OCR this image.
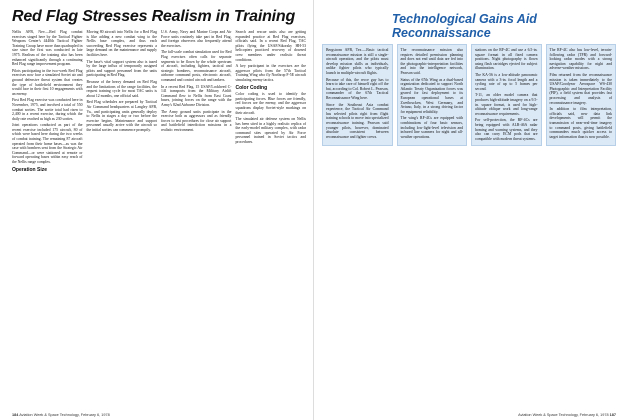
Red Flag Stresses Realism in Training

Nellis AFB, Nev.—Red Flag combat exercises staged here by the Tactical Fighter Weapons Center's 4440th Tactical Fighter Training Group have more than quadrupled in size since the first was conducted in late 1975. Realism of the training also has been enhanced significantly through a continuing Red Flag range improvement program.

Pilots participating in the two-week Red Flag exercises now face a simulated Soviet air and ground defensive threat system that creates the type of battlefield environment they would face in their first 10 engagements with an enemy.

First Red Flag exercise was conducted here in November, 1975, and involved a total of 550 combat sorties. The sortie total had risen to 2,400 in a recent exercise, during which the daily rate reached as high as 230 sorties.

Joint operations conducted as part of the recent exercise included 175 aircraft, 80 of which were based here during the two weeks of combat training. The remaining 87 aircraft operated from their home bases—as was the case with bombers sent from the Strategic Air Command—or were stationed at remote or forward operating bases within easy reach of the Nellis range complex.

Operation Size

Moving 80 aircraft into Nellis for a Red Flag is like adding a new combat wing to the Nellis base complex, and thus each succeeding Red Flag exercise represents a large demand on the maintenance and supply facilities here.

The base's vital support system also is taxed by the large influx of temporarily assigned pilots and support personnel from the units participating in Red Flag.

Because of the heavy demand on Red Flag and the limitations of the range facilities, the request training cycle for most TAC units is about 12 months, one official said.

Red Flag schedules are prepared by Tactical Air Command headquarters at Langley AFB, Va., and participating units generally deploy to Nellis in stages a day or two before the exercise begins. Maintenance and support personnel usually arrive with the aircraft so the initial sorties can commence promptly.

U.S. Army, Navy and Marine Corps and Air Force units routinely take part in Red Flag, and foreign observers also frequently attend the exercises.

The fall-scale combat simulation used for Red Flag exercises often calls for separate segments to be flown by the whole spectrum of aircraft, including fighters, tactical and strategic bombers, reconnaissance aircraft, airborne command posts, electronic aircraft, command and control aircraft and tankers.

In a recent Red Flag, 15 USAF/Lockheed C-141 transports from the Military Airlift Command flew to Nellis from East Coast bases, joining forces on the range with the Army's 82nd Airborne Division.

The Army ground units participate in the exercise both as aggressors and as friendly forces to test procedures for close air support and battlefield interdiction missions in a realistic environment.

Search and rescue units also are getting expanded practice at Red Flag exercises, officials said. In a recent Red Flag, TAC pilots flying the USAF/Sikorsky HH-53 helicopters practiced recovery of downed crew members under realistic threat conditions.

A key participant in the exercises are the aggressor pilots from the 57th Tactical Training Wing who fly Northrop F-5E aircraft simulating enemy tactics.

Color Coding

Color coding is used to identify the participating forces. Blue forces are friendly, red forces are the enemy, and the aggressor squadrons display Soviet-style markings on their aircraft.

The simulated air defense system on Nellis has been sited in a highly realistic replica of the early-model military complex, with radar command sites operated by Air Force personnel trained in Soviet tactics and procedures.

184 Aviation Week & Space Technology, February 6, 1978
Technological Gains Aid Reconnaissance

Bergstrom AFB, Tex.—Basic tactical reconnaissance mission is still a single-aircraft operation, and the pilots must develop mission skills as individuals, unlike fighter pilots who typically launch in multiple-aircraft flights.

Because of this, the recce guy has to learn to take care of himself right off the bat, according to Col. Robert L. Pearson, commander of the 67th Tactical Reconnaissance Wing here.

Since the Southeast Asia combat experience, the Tactical Air Command has selected pilots right from flight training schools to move into specialized reconnaissance training. Pearson said younger pilots, however, dominated absolute consistent between reconnaissance and fighter crews.

The reconnaissance mission also requires detailed premission planning and does not end until data are fed into the photographic-interpretation facilities and into the intelligence network, Pearson said.

Status of the 67th Wing as a dual-based organization dedicated to support North Atlantic Treaty Organization forces was geared for fast deployment to its European operational bases at Zweibrucken, West Germany, and Aviano, Italy, in a strong driving factor for equipment reliability.

The wing's RF-4Cs are equipped with combinations of four basic sensors, including low-light-level television and infrared line scanners for night and all-weather operations.

stations on the RF-4C and use a 6.5-in. square format in all fixed camera positions. Night photography is flown using flash cartridges ejected for subject illumination.

The KA-56 is a low-altitude panoramic camera with a 3-in. focal length and a cycling rate of up to 5 frames per second.

T-11, an older model camera that produces high-altitude imagery on a 9.5-in. square format, is used for high-altitude oblique work and long-range reconnaissance requirements.

For self-protection, the RF-4Cs are being equipped with ALR-46A radar homing and warning systems, and they also can carry ECM pods that are compatible with modern threat systems.

The RF-4C also has low-level, terrain-following radar (TFR) and forward-looking radar modes with a strong navigation capability for night and adverse-weather missions.

Film returned from the reconnaissance mission is taken immediately to the USAF/Goodyear Aerospace WS-430 Photographic and Interpretation Facility (PIF), a field system that provides fast processing and analysis of reconnaissance imagery.

In addition to film interpretation, officials said, new data link developments will permit the transmission of near-real-time imagery to command posts, giving battlefield commanders much quicker access to target information than is now possible.

Aviation Week & Space Technology, February 6, 1978 187
